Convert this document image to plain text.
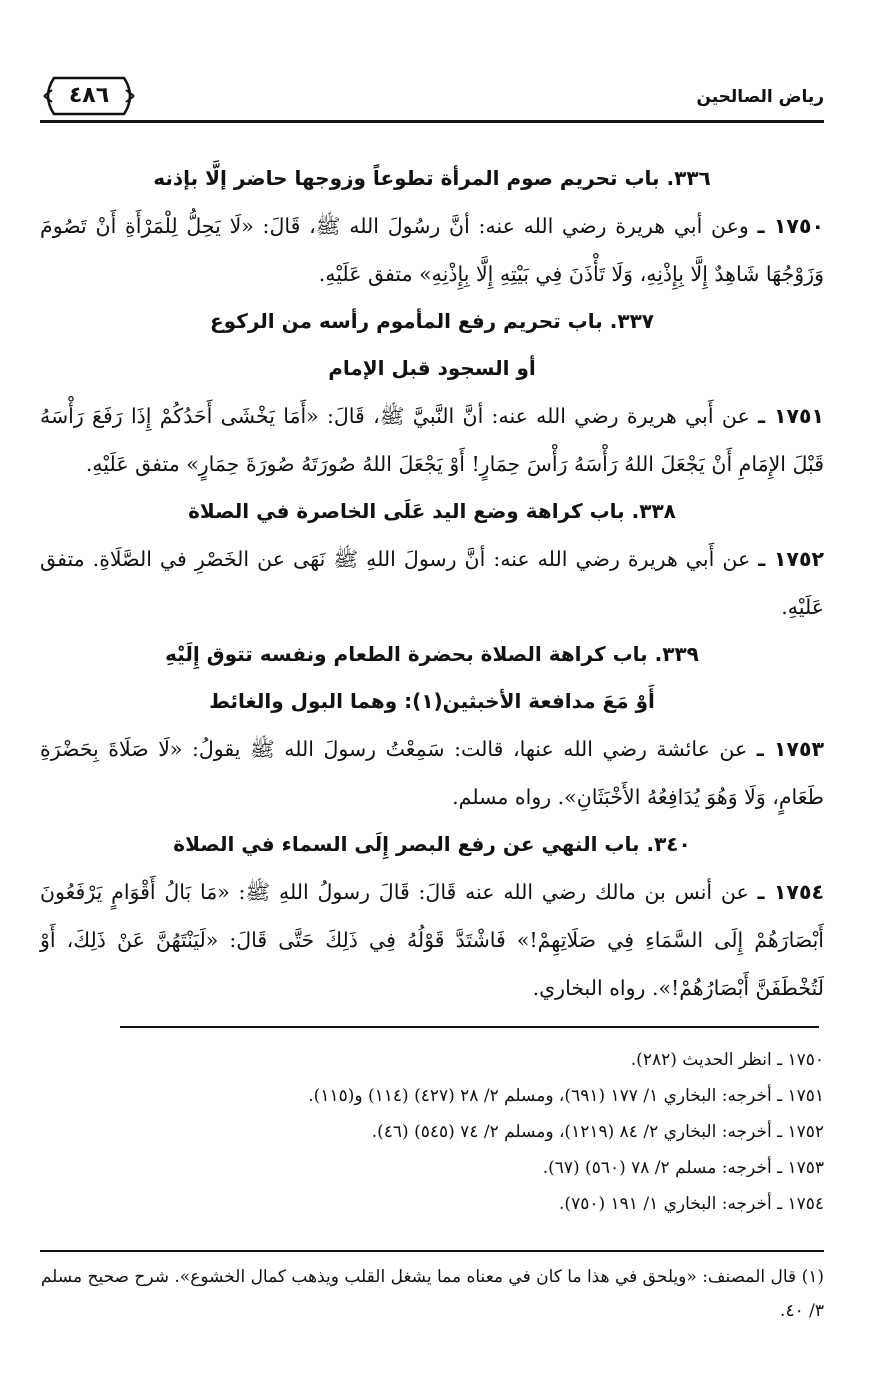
٤٨٦	رياض الصالحين
٣٣٦. باب تحريم صوم المرأة تطوعاً وزوجها حاضر إلَّا بإذنه
١٧٥٠ ـ وعن أبي هريرة رضي الله عنه: أنَّ رسُولَ الله ﷺ، قَالَ: «لَا يَحِلُّ لِلْمَرْأَةِ أَنْ تَصُومَ وَزَوْجُهَا شَاهِدٌ إِلَّا بِإِذْنِهِ، وَلَا تَأْذَنَ فِي بَيْتِهِ إِلَّا بِإِذْنِهِ» متفق عَلَيْهِ.
٣٣٧. باب تحريم رفع المأموم رأسه من الركوع
أو السجود قبل الإمام
١٧٥١ ـ عن أَبي هريرة رضي الله عنه: أنَّ النَّبيَّ ﷺ، قَالَ: «أَمَا يَخْشَى أَحَدُكُمْ إِذَا رَفَعَ رَأْسَهُ قَبْلَ الإِمَامِ أَنْ يَجْعَلَ اللهُ رَأْسَهُ رَأْسَ حِمَارٍ! أَوْ يَجْعَلَ اللهُ صُورَتَهُ صُورَةَ حِمَارٍ» متفق عَلَيْهِ.
٣٣٨. باب كراهة وضع اليد عَلَى الخاصرة في الصلاة
١٧٥٢ ـ عن أَبي هريرة رضي الله عنه: أنَّ رسولَ اللهِ ﷺ نَهَى عن الخَصْرِ في الصَّلَاةِ. متفق عَلَيْهِ.
٣٣٩. باب كراهة الصلاة بحضرة الطعام ونفسه تتوق إِلَيْهِ
أَوْ مَعَ مدافعة الأخبثين(١): وهما البول والغائط
١٧٥٣ ـ عن عائشة رضي الله عنها، قالت: سَمِعْتُ رسولَ الله ﷺ يقولُ: «لَا صَلَاةَ بِحَضْرَةِ طَعَامٍ، وَلَا وَهُوَ يُدَافِعُهُ الأَخْبَثَانِ». رواه مسلم.
٣٤٠. باب النهي عن رفع البصر إِلَى السماء في الصلاة
١٧٥٤ ـ عن أنس بن مالك رضي الله عنه قَالَ: قَالَ رسولُ اللهِ ﷺ: «مَا بَالُ أَقْوَامٍ يَرْفَعُونَ أَبْصَارَهُمْ إِلَى السَّمَاءِ فِي صَلَاتِهِمْ!» فَاشْتَدَّ قَوْلُهُ فِي ذَلِكَ حَتَّى قَالَ: «لَيَنْتَهُنَّ عَنْ ذَلِكَ، أَوْ لَتُخْطَفَنَّ أَبْصَارُهُمْ!». رواه البخاري.
١٧٥٠ ـ انظر الحديث (٢٨٢).
١٧٥١ ـ أخرجه: البخاري ١/ ١٧٧ (٦٩١)، ومسلم ٢/ ٢٨ (٤٢٧) (١١٤) و(١١٥).
١٧٥٢ ـ أخرجه: البخاري ٢/ ٨٤ (١٢١٩)، ومسلم ٢/ ٧٤ (٥٤٥) (٤٦).
١٧٥٣ ـ أخرجه: مسلم ٢/ ٧٨ (٥٦٠) (٦٧).
١٧٥٤ ـ أخرجه: البخاري ١/ ١٩١ (٧٥٠).
(١) قال المصنف: «ويلحق في هذا ما كان في معناه مما يشغل القلب ويذهب كمال الخشوع». شرح صحيح مسلم ٣/ ٤٠.
